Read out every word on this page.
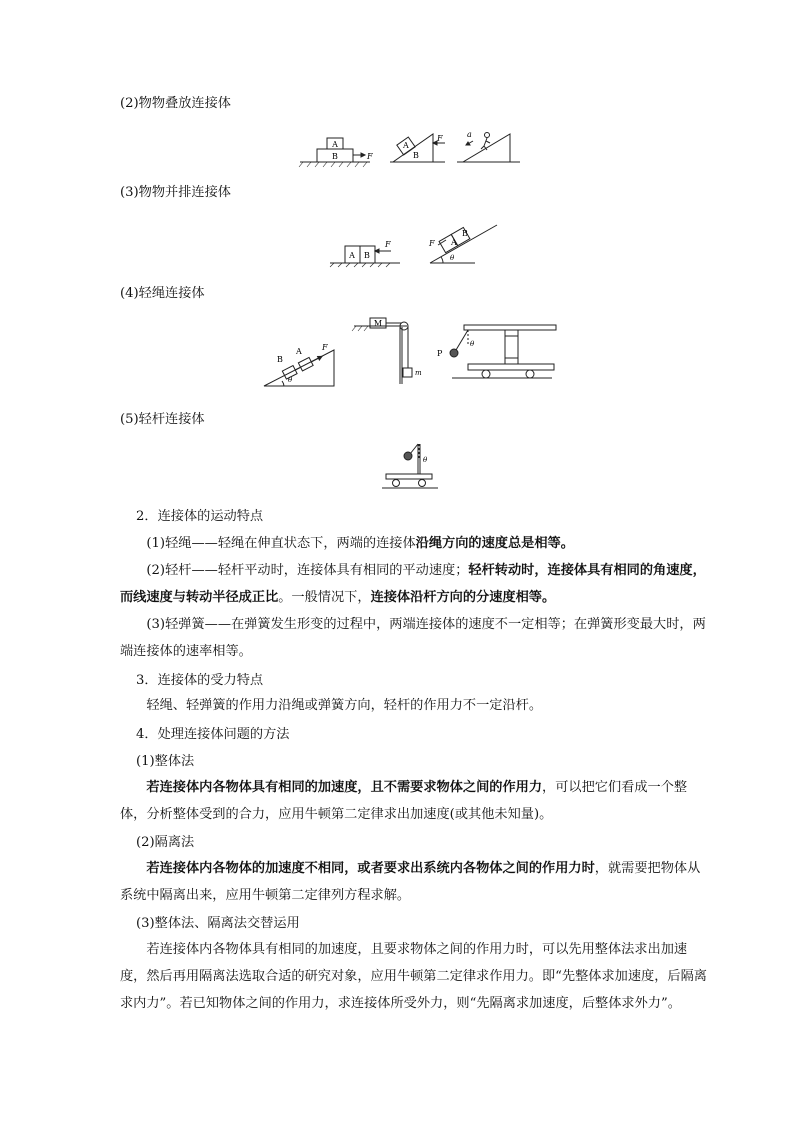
(2)物物叠放连接体
A
B	F
A
B
F	a
(3)物物并排连接体
A B
F	F A
B
θ
(4)轻绳连接体
B
A	F
θ
M
m
P
θ
(5)轻杆连接体
θ
2．连接体的运动特点
(1)轻绳——轻绳在伸直状态下，两端的连接体沿绳方向的速度总是相等。
(2)轻杆——轻杆平动时，连接体具有相同的平动速度；轻杆转动时，连接体具有相同的角速度，而线速度与转动半径成正比。一般情况下，连接体沿杆方向的分速度相等。
(3)轻弹簧——在弹簧发生形变的过程中，两端连接体的速度不一定相等；在弹簧形变最大时，两端连接体的速率相等。
3．连接体的受力特点
轻绳、轻弹簧的作用力沿绳或弹簧方向，轻杆的作用力不一定沿杆。
4．处理连接体问题的方法
(1)整体法
若连接体内各物体具有相同的加速度，且不需要求物体之间的作用力，可以把它们看成一个整体，分析整体受到的合力，应用牛顿第二定律求出加速度(或其他未知量)。
(2)隔离法
若连接体内各物体的加速度不相同，或者要求出系统内各物体之间的作用力时，就需要把物体从系统中隔离出来，应用牛顿第二定律列方程求解。
(3)整体法、隔离法交替运用
若连接体内各物体具有相同的加速度，且要求物体之间的作用力时，可以先用整体法求出加速度，然后再用隔离法选取合适的研究对象，应用牛顿第二定律求作用力。即“先整体求加速度，后隔离求内力”。若已知物体之间的作用力，求连接体所受外力，则“先隔离求加速度，后整体求外力”。
